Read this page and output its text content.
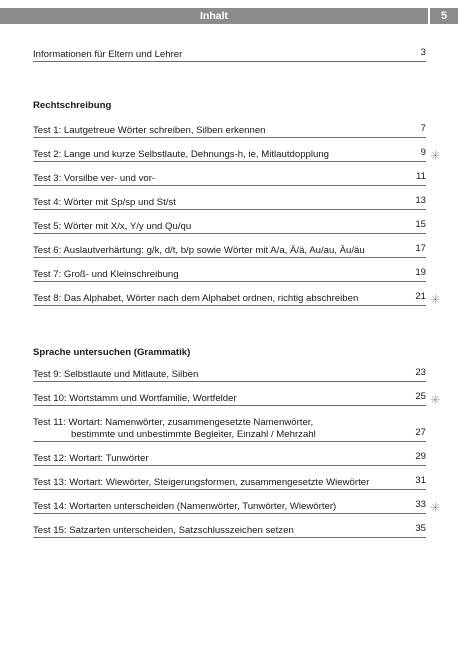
Inhalt	5
Informationen für Eltern und Lehrer	3
Rechtschreibung
Test 1: Lautgetreue Wörter schreiben, Silben erkennen	7
Test 2: Lange und kurze Selbstlaute, Dehnungs-h, ie, Mitlautdopplung	9
Test 3: Vorsilbe ver- und vor-	11
Test 4: Wörter mit Sp/sp und St/st	13
Test 5: Wörter mit X/x, Y/y und Qu/qu	15
Test 6: Auslautverhärtung: g/k, d/t, b/p sowie Wörter mit A/a, Ä/ä, Au/au, Äu/äu	17
Test 7: Groß- und Kleinschreibung	19
Test 8: Das Alphabet, Wörter nach dem Alphabet ordnen, richtig abschreiben	21
Sprache untersuchen (Grammatik)
Test 9: Selbstlaute und Mitlaute, Silben	23
Test 10: Wortstamm und Wortfamilie, Wortfelder	25
Test 11: Wortart: Namenwörter, zusammengesetzte Namenwörter,
bestimmte und unbestimmte Begleiter, Einzahl / Mehrzahl	27
Test 12: Wortart: Tunwörter	29
Test 13: Wortart: Wiewörter, Steigerungsformen, zusammengesetzte Wiewörter	31
Test 14: Wortarten unterscheiden (Namenwörter, Tunwörter, Wiewörter)	33
Test 15: Satzarten unterscheiden, Satzschlusszeichen setzen	35
✳
✳
✳
✳
